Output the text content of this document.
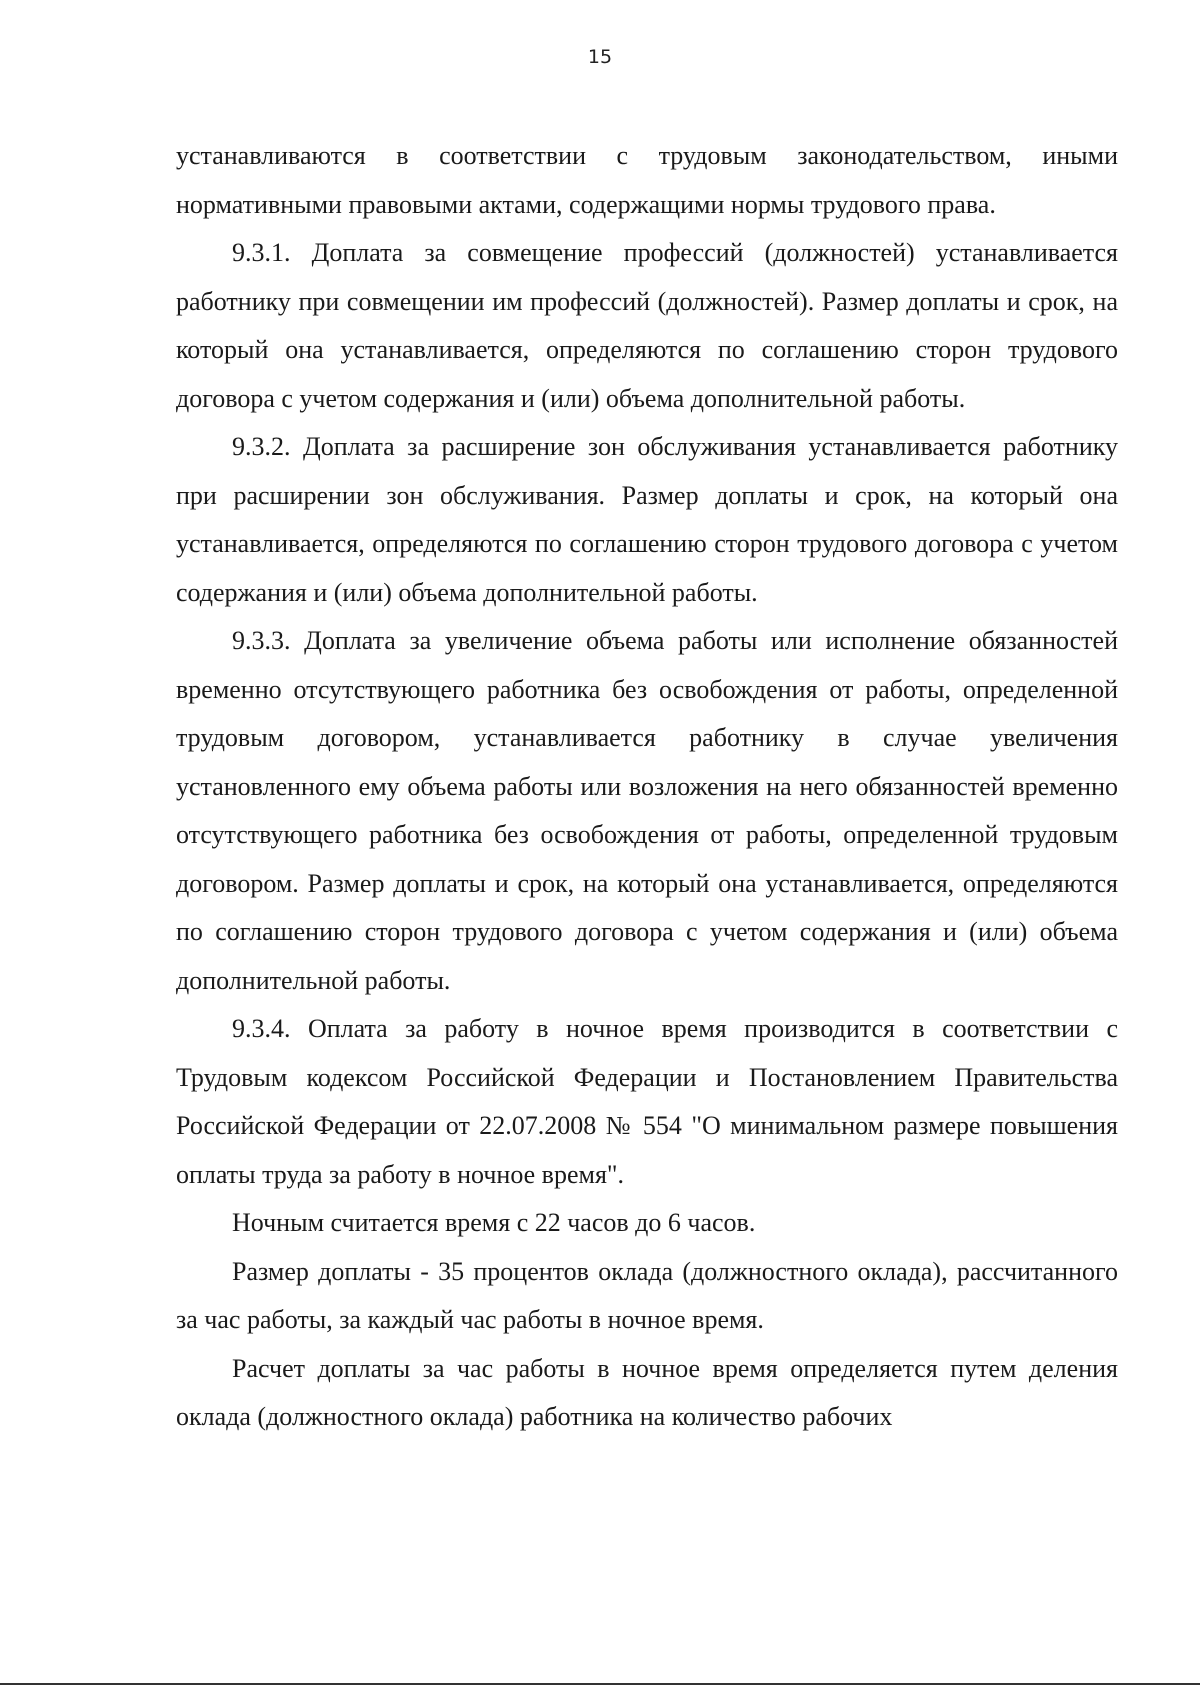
15

устанавливаются в соответствии с трудовым законодательством, иными нормативными правовыми актами, содержащими нормы трудового права.

9.3.1. Доплата за совмещение профессий (должностей) устанавливается работнику при совмещении им профессий (должностей). Размер доплаты и срок, на который она устанавливается, определяются по соглашению сторон трудового договора с учетом содержания и (или) объема дополнительной работы.

9.3.2. Доплата за расширение зон обслуживания устанавливается работнику при расширении зон обслуживания. Размер доплаты и срок, на который она устанавливается, определяются по соглашению сторон трудового договора с учетом содержания и (или) объема дополнительной работы.

9.3.3. Доплата за увеличение объема работы или исполнение обязанностей временно отсутствующего работника без освобождения от работы, определенной трудовым договором, устанавливается работнику в случае увеличения установленного ему объема работы или возложения на него обязанностей временно отсутствующего работника без освобождения от работы, определенной трудовым договором. Размер доплаты и срок, на который она устанавливается, определяются по соглашению сторон трудового договора с учетом содержания и (или) объема дополнительной работы.

9.3.4. Оплата за работу в ночное время производится в соответствии с Трудовым кодексом Российской Федерации и Постановлением Правительства Российской Федерации от 22.07.2008 № 554 "О минимальном размере повышения оплаты труда за работу в ночное время".

Ночным считается время с 22 часов до 6 часов.

Размер доплаты - 35 процентов оклада (должностного оклада), рассчитанного за час работы, за каждый час работы в ночное время.

Расчет доплаты за час работы в ночное время определяется путем деления оклада (должностного оклада) работника на количество рабочих
